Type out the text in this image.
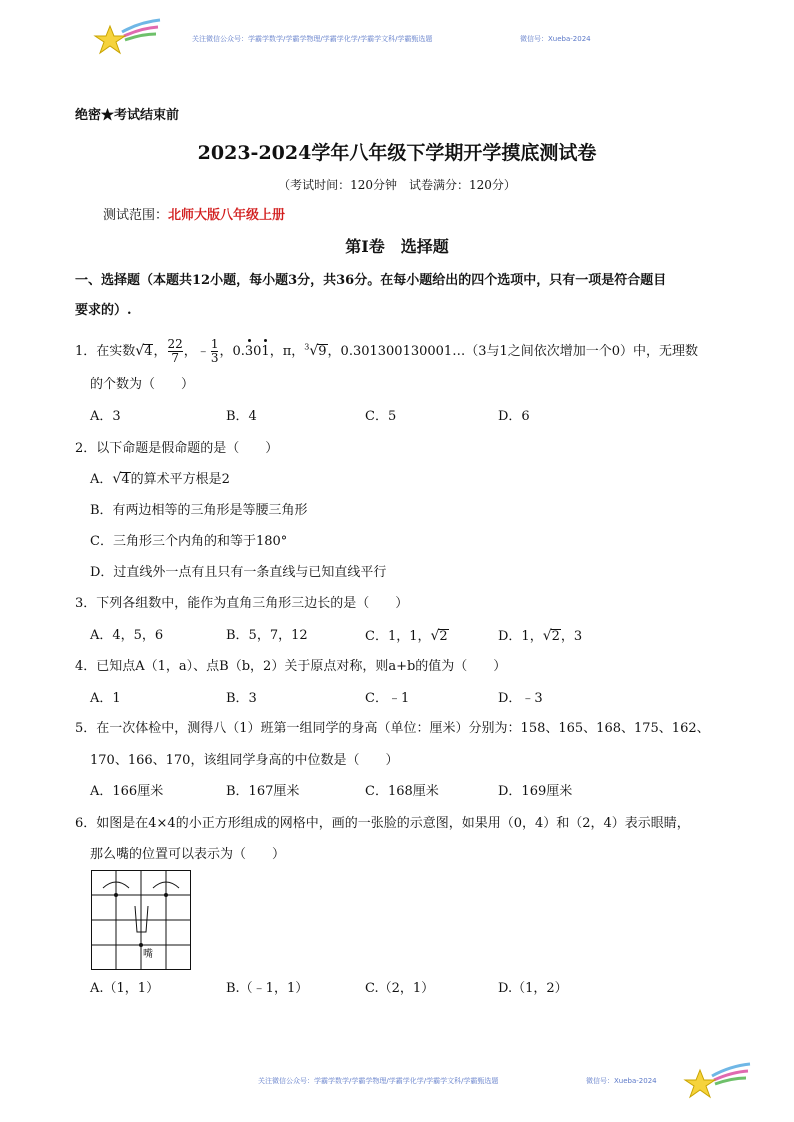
关注微信公众号：学霸学数学/学霸学物理/学霸学化学/学霸学文科/学霸甄选题	微信号：Xueba-2024
绝密★考试结束前
2023-2024学年八年级下学期开学摸底测试卷
（考试时间：120分钟　试卷满分：120分）
测试范围：北师大版八年级上册
第Ⅰ卷　选择题
一、选择题（本题共12小题，每小题3分，共36分。在每小题给出的四个选项中，只有一项是符合题目
要求的）.
1．在实数√4， $\frac{22}{7}$ ，﹣ $\frac{1}{3}$ ，0.301，π，$^3$√9，0.301300130001…（3与1之间依次增加一个0）中，无理数
的个数为（　　）
A．3	B．4	C．5	D．6
2．以下命题是假命题的是（　　）
A．√4的算术平方根是2
B．有两边相等的三角形是等腰三角形
C．三角形三个内角的和等于180°
D．过直线外一点有且只有一条直线与已知直线平行
3．下列各组数中，能作为直角三角形三边长的是（　　）
A．4，5，6	B．5，7，12	C．1，1，√2	D．1，√2，3
4．已知点A（1，a）、点B（b，2）关于原点对称，则a+b的值为（　　）
A．1	B．3	C．﹣1	D．﹣3
5．在一次体检中，测得八（1）班第一组同学的身高（单位：厘米）分别为：158、165、168、175、162、
170、166、170，该组同学身高的中位数是（　　）
A．166厘米	B．167厘米	C．168厘米	D．169厘米
6．如图是在4×4的小正方形组成的网格中，画的一张脸的示意图，如果用（0，4）和（2，4）表示眼睛，
那么嘴的位置可以表示为（　　）
嘴
A.（1，1）	B.（﹣1，1）	C.（2，1）	D.（1，2）
关注微信公众号：学霸学数学/学霸学物理/学霸学化学/学霸学文科/学霸甄选题	微信号：Xueba-2024
